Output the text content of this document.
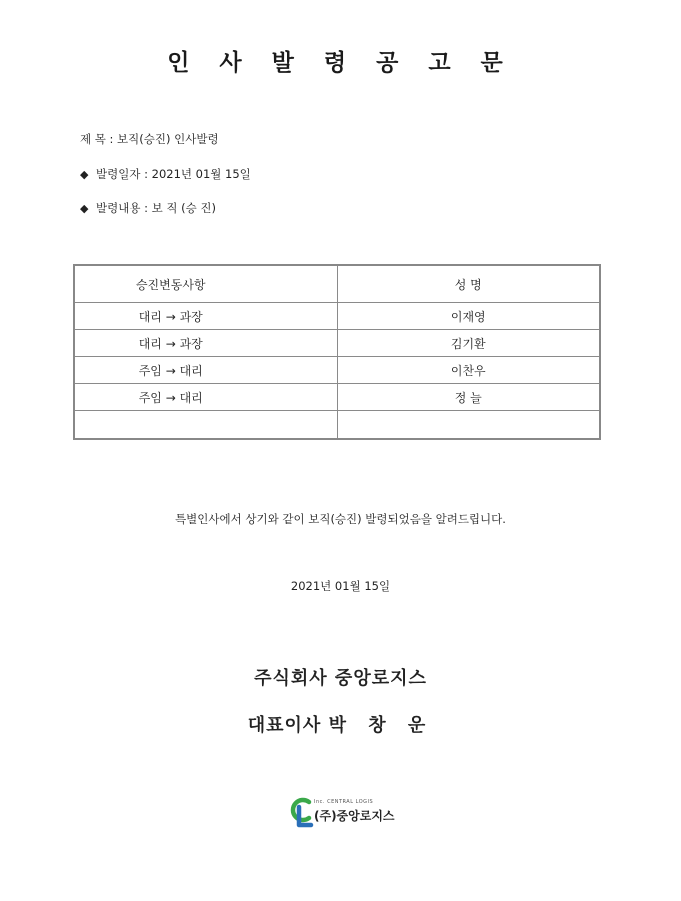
인 사 발 령 공 고 문
제 목 : 보직(승진) 인사발령
◆ 발령일자 : 2021년 01월 15일
◆ 발령내용 : 보 직 (승 진)
승진변동사항	성 명
대리 → 과장	이재영
대리 → 과장	김기환
주임 → 대리	이찬우
주임 → 대리	정 늘

특별인사에서 상기와 같이 보직(승진) 발령되었음을 알려드립니다.
2021년 01월 15일
주식회사 중앙로지스
대표이사 박 창 운
Inc. CENTRAL LOGIS
(주)중앙로지스
